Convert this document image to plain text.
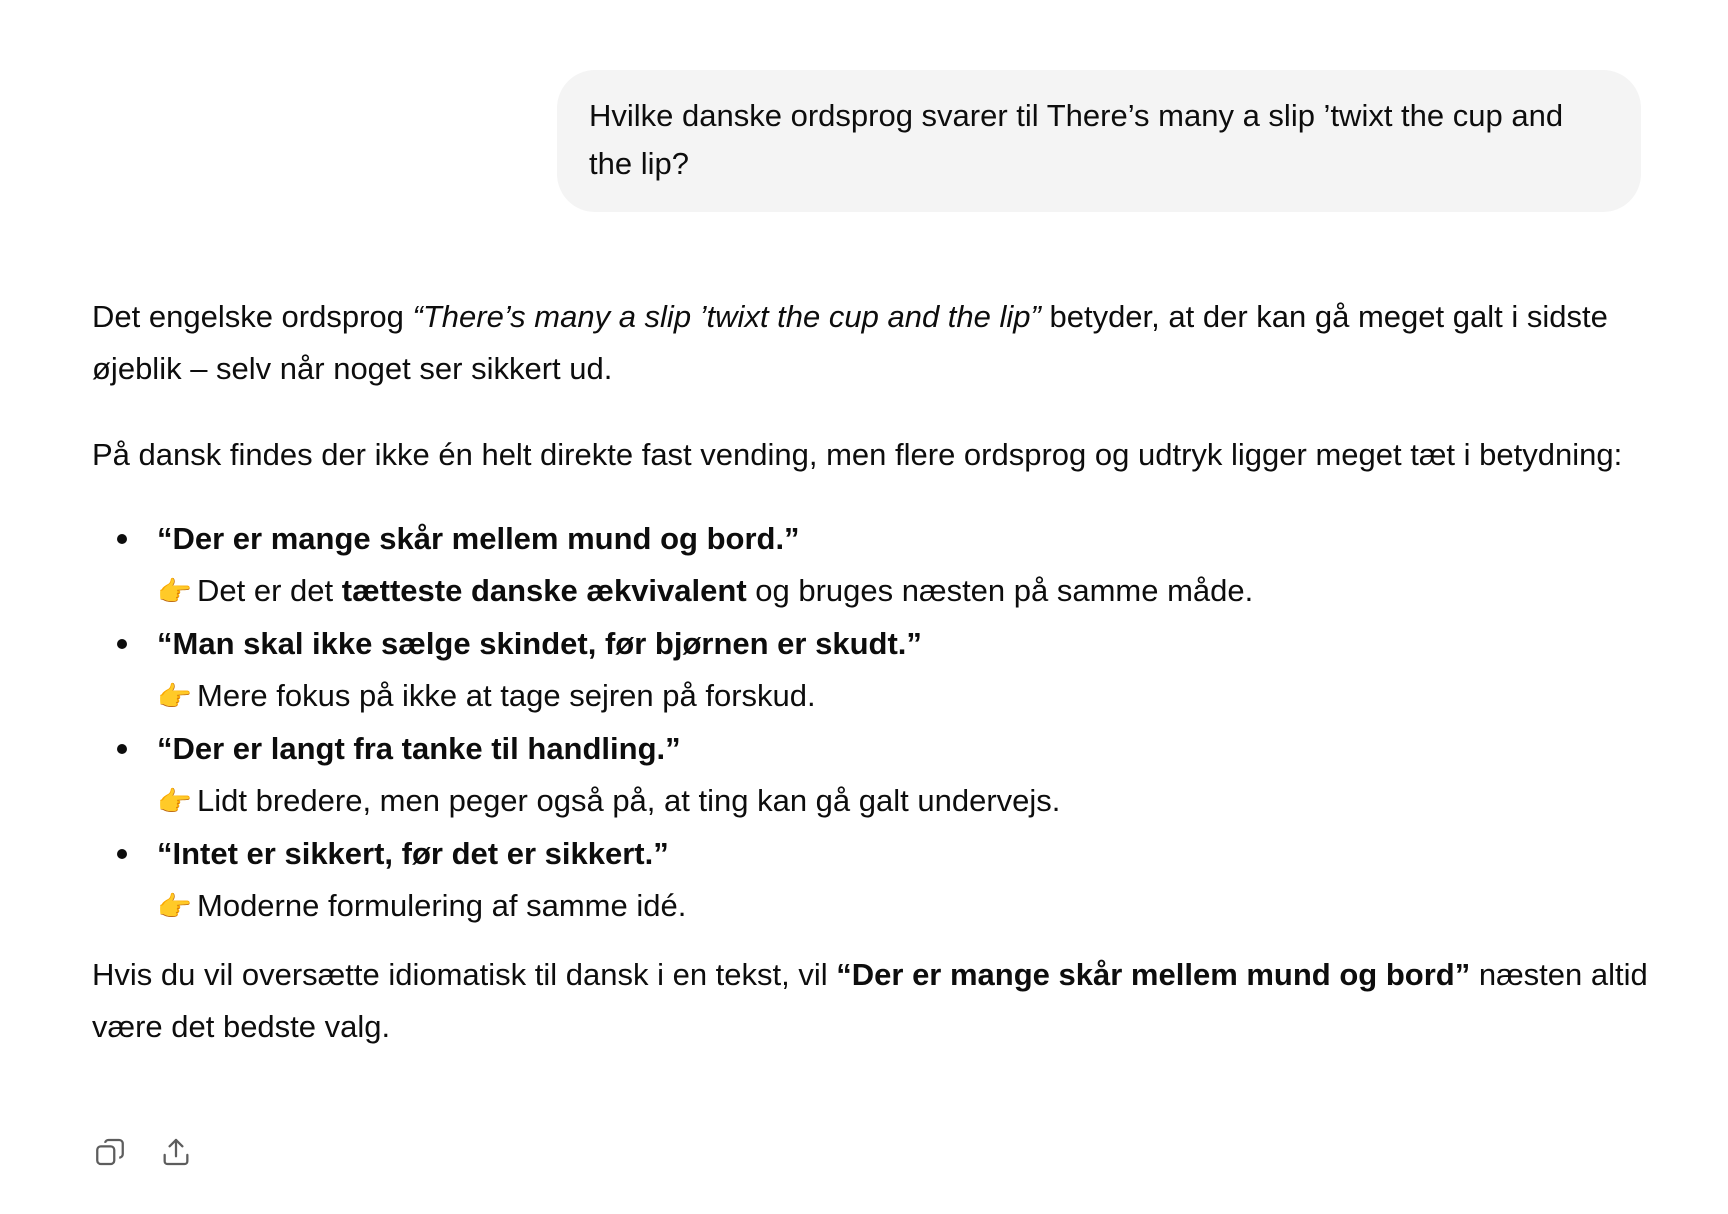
Hvilke danske ordsprog svarer til There’s many a slip ’twixt the cup and the lip?

Det engelske ordsprog “There’s many a slip ’twixt the cup and the lip” betyder, at der kan gå meget galt i sidste øjeblik – selv når noget ser sikkert ud.

På dansk findes der ikke én helt direkte fast vending, men flere ordsprog og udtryk ligger meget tæt i betydning:

“Der er mange skår mellem mund og bord.”
👉 Det er det tætteste danske ækvivalent og bruges næsten på samme måde.
“Man skal ikke sælge skindet, før bjørnen er skudt.”
👉 Mere fokus på ikke at tage sejren på forskud.
“Der er langt fra tanke til handling.”
👉 Lidt bredere, men peger også på, at ting kan gå galt undervejs.
“Intet er sikkert, før det er sikkert.”
👉 Moderne formulering af samme idé.

Hvis du vil oversætte idiomatisk til dansk i en tekst, vil “Der er mange skår mellem mund og bord” næsten altid være det bedste valg.
